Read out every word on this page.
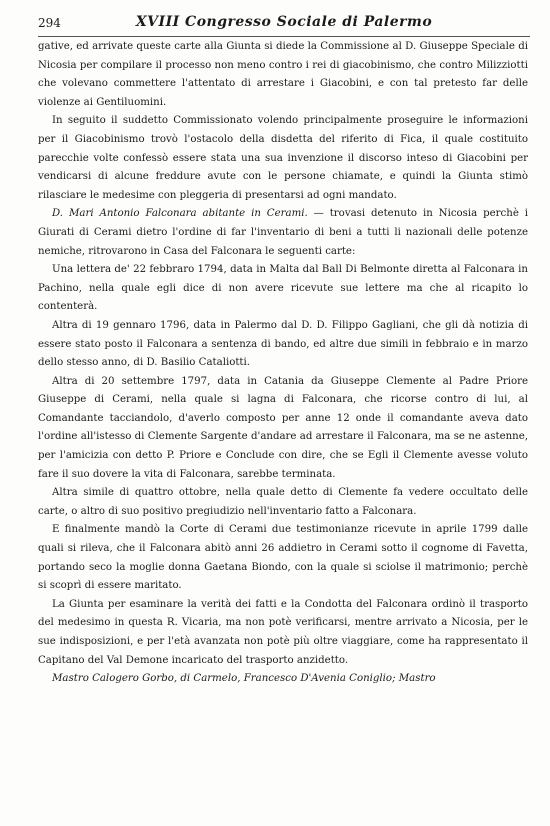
294	XVIII Congresso Sociale di Palermo

gative, ed arrivate queste carte alla Giunta si diede la Commissione al D. Giuseppe Speciale di Nicosia per compilare il processo non meno contro i rei di giacobinismo, che contro Milizziotti che volevano commettere l'attentato di arrestare i Giacobini, e con tal pretesto far delle violenze ai Gentiluomini.

In seguito il suddetto Commissionato volendo principalmente proseguire le informazioni per il Giacobinismo trovò l'ostacolo della disdetta del riferito di Fica, il quale costituito parecchie volte confessò essere stata una sua invenzione il discorso inteso di Giacobini per vendicarsi di alcune freddure avute con le persone chiamate, e quindi la Giunta stimò rilasciare le medesime con pleggeria di presentarsi ad ogni mandato.

D. Mari Antonio Falconara abitante in Cerami. — trovasi detenuto in Nicosia perchè i Giurati di Cerami dietro l'ordine di far l'inventario di beni a tutti li nazionali delle potenze nemiche, ritrovarono in Casa del Falconara le seguenti carte:

Una lettera de' 22 febbraro 1794, data in Malta dal Ball Di Belmonte diretta al Falconara in Pachino, nella quale egli dice di non avere ricevute sue lettere ma che al ricapito lo contenterà.

Altra di 19 gennaro 1796, data in Palermo dal D. D. Filippo Gagliani, che gli dà notizia di essere stato posto il Falconara a sentenza di bando, ed altre due simili in febbraio e in marzo dello stesso anno, di D. Basilio Cataliotti.

Altra di 20 settembre 1797, data in Catania da Giuseppe Clemente al Padre Priore Giuseppe di Cerami, nella quale si lagna di Falconara, che ricorse contro di lui, al Comandante tacciandolo, d'averlo composto per anne 12 onde il comandante aveva dato l'ordine all'istesso di Clemente Sargente d'andare ad arrestare il Falconara, ma se ne astenne, per l'amicizia con detto P. Priore e Conclude con dire, che se Egli il Clemente avesse voluto fare il suo dovere la vita di Falconara, sarebbe terminata.

Altra simile di quattro ottobre, nella quale detto di Clemente fa vedere occultato delle carte, o altro di suo positivo pregiudizio nell'inventario fatto a Falconara.

E finalmente mandò la Corte di Cerami due testimonianze ricevute in aprile 1799 dalle quali si rileva, che il Falconara abitò anni 26 addietro in Cerami sotto il cognome di Favetta, portando seco la moglie donna Gaetana Biondo, con la quale si sciolse il matrimonio; perchè si scoprì di essere maritato.

La Giunta per esaminare la verità dei fatti e la Condotta del Falconara ordinò il trasporto del medesimo in questa R. Vicaria, ma non potè verificarsi, mentre arrivato a Nicosia, per le sue indisposizioni, e per l'età avanzata non potè più oltre viaggiare, come ha rappresentato il Capitano del Val Demone incaricato del trasporto anzidetto.

Mastro Calogero Gorbo, di Carmelo, Francesco D'Avenia Coniglio; Mastro
